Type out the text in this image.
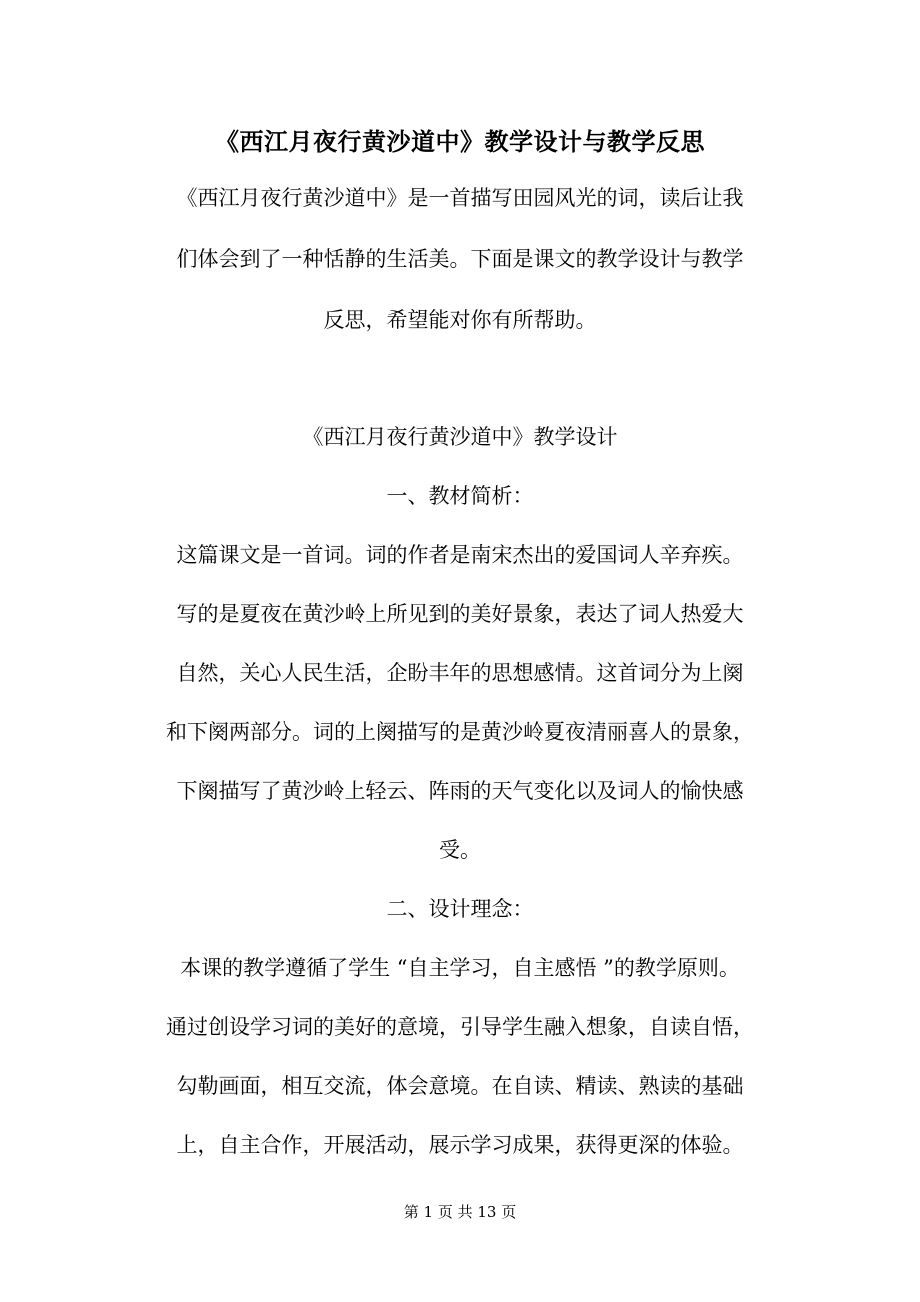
《西江月夜行黄沙道中》教学设计与教学反思
《西江月夜行黄沙道中》是一首描写田园风光的词，读后让我
们体会到了一种恬静的生活美。下面是课文的教学设计与教学
反思，希望能对你有所帮助。
《西江月夜行黄沙道中》教学设计
一、教材简析：
这篇课文是一首词。词的作者是南宋杰出的爱国词人辛弃疾。
写的是夏夜在黄沙岭上所见到的美好景象，表达了词人热爱大
自然，关心人民生活，企盼丰年的思想感情。这首词分为上阕
和下阕两部分。词的上阕描写的是黄沙岭夏夜清丽喜人的景象，
下阕描写了黄沙岭上轻云、阵雨的天气变化以及词人的愉快感
受。
二、设计理念：
本课的教学遵循了学生 “自主学习，自主感悟 ”的教学原则。
通过创设学习词的美好的意境，引导学生融入想象，自读自悟，
勾勒画面，相互交流，体会意境。在自读、精读、熟读的基础
上，自主合作，开展活动，展示学习成果，获得更深的体验。
第 1 页 共 13 页
